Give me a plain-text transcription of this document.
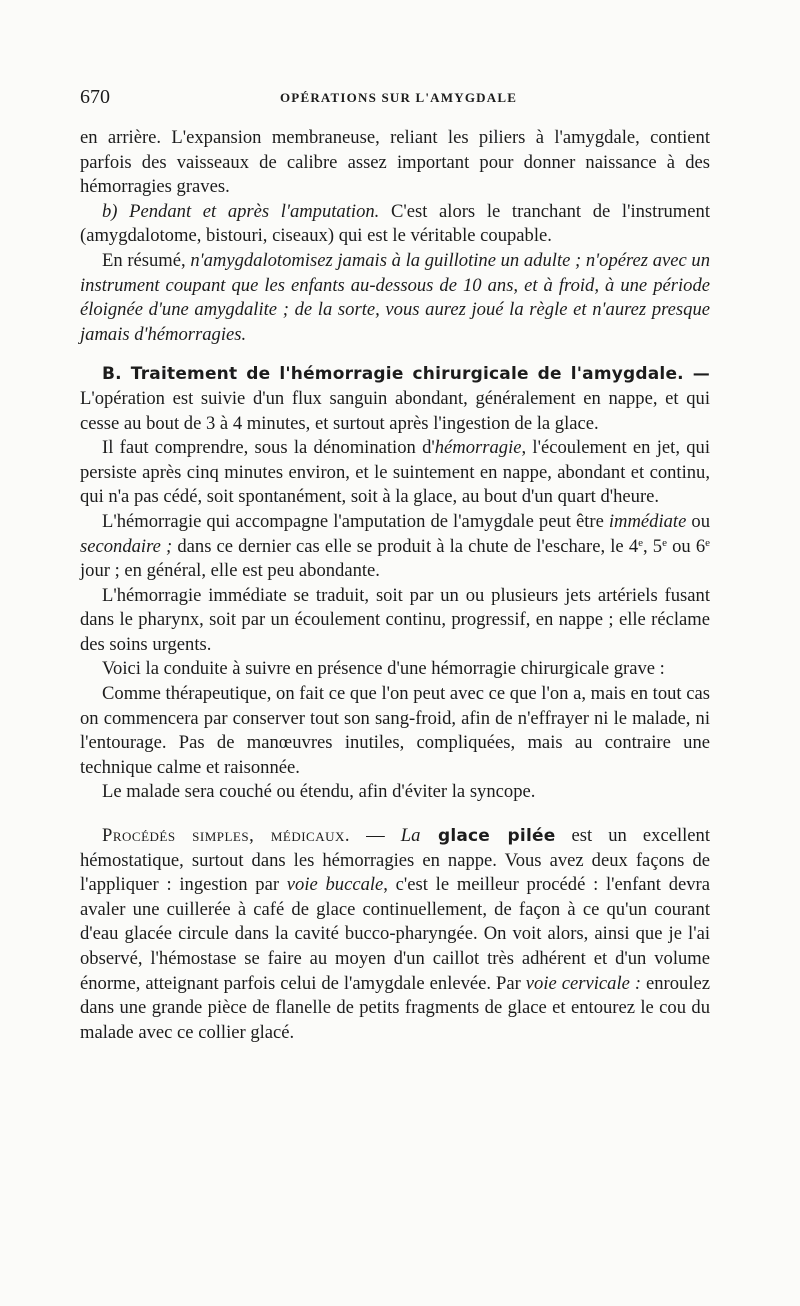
670	OPÉRATIONS SUR L'AMYGDALE

en arrière. L'expansion membraneuse, reliant les piliers à l'amygdale, contient parfois des vaisseaux de calibre assez important pour donner naissance à des hémorragies graves.

b) Pendant et après l'amputation. C'est alors le tranchant de l'instrument (amygdalotome, bistouri, ciseaux) qui est le véritable coupable.

En résumé, n'amygdalotomisez jamais à la guillotine un adulte ; n'opérez avec un instrument coupant que les enfants au-dessous de 10 ans, et à froid, à une période éloignée d'une amygdalite ; de la sorte, vous aurez joué la règle et n'aurez presque jamais d'hémorragies.

B. Traitement de l'hémorragie chirurgicale de l'amygdale. — L'opération est suivie d'un flux sanguin abondant, généralement en nappe, et qui cesse au bout de 3 à 4 minutes, et surtout après l'ingestion de la glace.

Il faut comprendre, sous la dénomination d'hémorragie, l'écoulement en jet, qui persiste après cinq minutes environ, et le suintement en nappe, abondant et continu, qui n'a pas cédé, soit spontanément, soit à la glace, au bout d'un quart d'heure.

L'hémorragie qui accompagne l'amputation de l'amygdale peut être immédiate ou secondaire ; dans ce dernier cas elle se produit à la chute de l'eschare, le 4e, 5e ou 6e jour ; en général, elle est peu abondante.

L'hémorragie immédiate se traduit, soit par un ou plusieurs jets artériels fusant dans le pharynx, soit par un écoulement continu, progressif, en nappe ; elle réclame des soins urgents.

Voici la conduite à suivre en présence d'une hémorragie chirurgicale grave :

Comme thérapeutique, on fait ce que l'on peut avec ce que l'on a, mais en tout cas on commencera par conserver tout son sang-froid, afin de n'effrayer ni le malade, ni l'entourage. Pas de manœuvres inutiles, compliquées, mais au contraire une technique calme et raisonnée.

Le malade sera couché ou étendu, afin d'éviter la syncope.

Procédés simples, médicaux. — La glace pilée est un excellent hémostatique, surtout dans les hémorragies en nappe. Vous avez deux façons de l'appliquer : ingestion par voie buccale, c'est le meilleur procédé : l'enfant devra avaler une cuillerée à café de glace continuellement, de façon à ce qu'un courant d'eau glacée circule dans la cavité bucco-pharyngée. On voit alors, ainsi que je l'ai observé, l'hémostase se faire au moyen d'un caillot très adhérent et d'un volume énorme, atteignant parfois celui de l'amygdale enlevée. Par voie cervicale : enroulez dans une grande pièce de flanelle de petits fragments de glace et entourez le cou du malade avec ce collier glacé.
